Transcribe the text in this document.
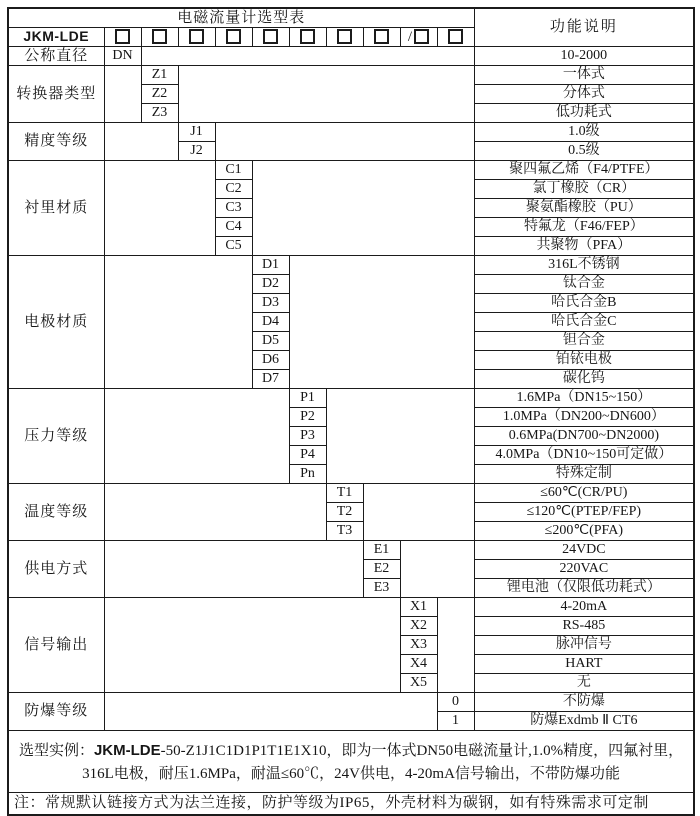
电磁流量计选型表											功能说明
JKM-LDE									/		
公称直径	DN										10-2000
转换器类型		Z1									一体式
		Z2									分体式
		Z3									低功耗式
精度等级			J1								1.0级
			J2								0.5级
衬里材质				C1							聚四氟乙烯（F4/PTFE）
				C2							氯丁橡胶（CR）
				C3							聚氨酯橡胶（PU）
				C4							特氟龙（F46/FEP）
				C5							共聚物（PFA）
电极材质					D1						316L不锈钢
					D2						钛合金
					D3						哈氏合金B
					D4						哈氏合金C
					D5						钽合金
					D6						铂铱电极
					D7						碳化钨
压力等级						P1					1.6MPa（DN15~150）
						P2					1.0MPa（DN200~DN600）
						P3					0.6MPa(DN700~DN2000)
						P4					4.0MPa（DN10~150可定做）
						Pn					特殊定制
温度等级							T1				≤60℃(CR/PU)
							T2				≤120℃(PTEP/FEP)
							T3				≤200℃(PFA)
供电方式								E1			24VDC
								E2			220VAC
								E3			锂电池（仅限低功耗式）
信号输出									X1		4-20mA
									X2		RS-485
									X3		脉冲信号
									X4		HART
									X5		无
防爆等级										0	不防爆
										1	防爆Exdmb Ⅱ CT6
选型实例：JKM-LDE-50-Z1J1C1D1P1T1E1X10，即为一体式DN50电磁流量计,1.0%精度，四氟衬里，
316L电极，耐压1.6MPa，耐温≤60℃，24V供电，4-20mA信号输出，不带防爆功能											
注：常规默认链接方式为法兰连接，防护等级为IP65，外壳材料为碳钢，如有特殊需求可定制											
